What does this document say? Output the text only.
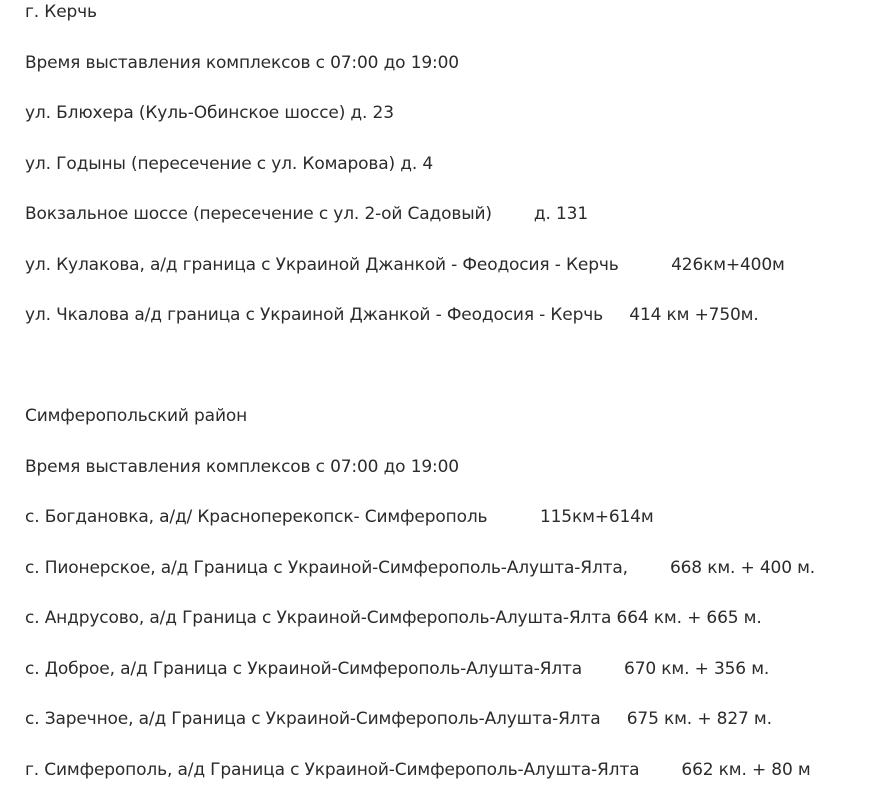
г. Керчь
Время выставления комплексов с 07:00 до 19:00
ул. Блюхера (Куль-Обинское шоссе) д. 23
ул. Годыны (пересечение с ул. Комарова) д. 4
Вокзальное шоссе (пересечение с ул. 2-ой Садовый)        д. 131
ул. Кулакова, а/д граница с Украиной Джанкой - Феодосия - Керчь          426км+400м
ул. Чкалова а/д граница с Украиной Джанкой - Феодосия - Керчь     414 км +750м.
Симферопольский район
Время выставления комплексов с 07:00 до 19:00
с. Богдановка, а/д/ Красноперекопск- Симферополь          115км+614м
с. Пионерское, а/д Граница с Украиной-Симферополь-Алушта-Ялта,        668 км. + 400 м.
с. Андрусово, а/д Граница с Украиной-Симферополь-Алушта-Ялта 664 км. + 665 м.
с. Доброе, а/д Граница с Украиной-Симферополь-Алушта-Ялта        670 км. + 356 м.
с. Заречное, а/д Граница с Украиной-Симферополь-Алушта-Ялта     675 км. + 827 м.
г. Симферополь, а/д Граница с Украиной-Симферополь-Алушта-Ялта        662 км. + 80 м
